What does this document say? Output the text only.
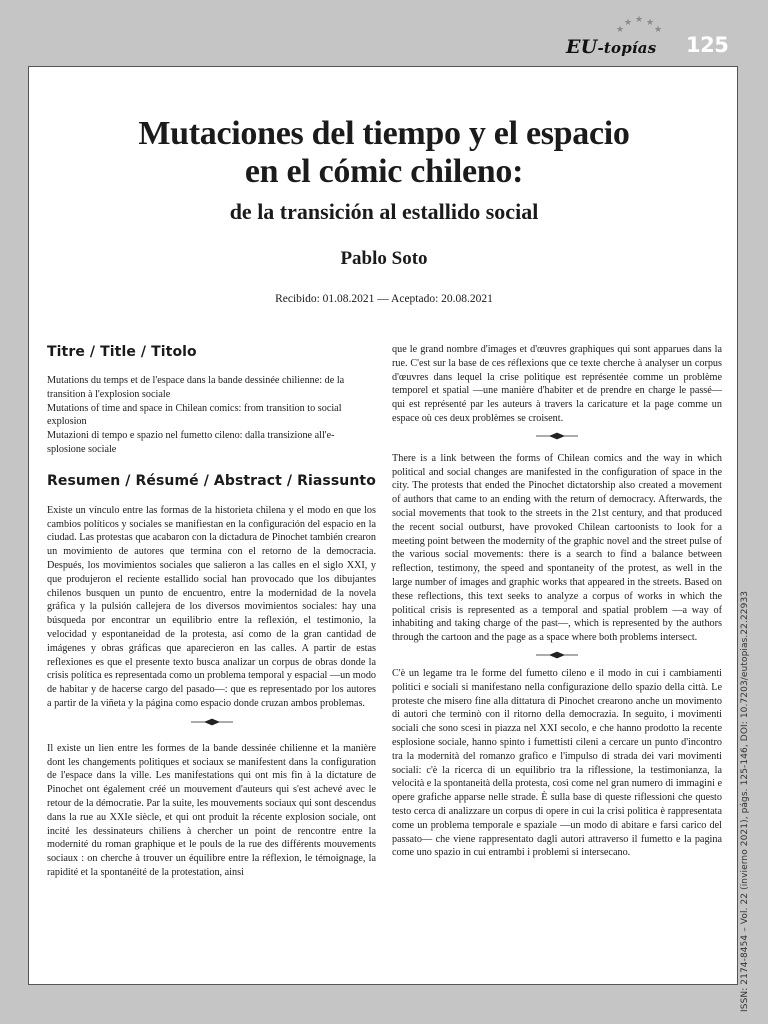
★
★ ★ ★
★
EU-topías 125
Mutaciones del tiempo y el espacio
en el cómic chileno:
de la transición al estallido social
Pablo Soto
Recibido: 01.08.2021 — Aceptado: 20.08.2021
Titre / Title / Titolo

Mutations du temps et de l'espace dans la bande dessinée chilienne: de la

transition à l'explosion sociale

Mutations of time and space in Chilean comics: from transition to social

explosion

Mutazioni di tempo e spazio nel fumetto cileno: dalla transizione all'e-

splosione sociale

Resumen / Résumé / Abstract / Riassunto

Existe un vínculo entre las formas de la historieta chilena y el modo en que los cambios políticos y sociales se manifiestan en la configuración del espacio en la ciudad. Las protestas que acabaron con la dictadura de Pinochet también crearon un movimiento de autores que termina con el retorno de la democracia. Después, los movimientos sociales que salieron a las calles en el siglo XXI, y que produjeron el reciente estallido social han provocado que los dibujantes chilenos busquen un punto de encuentro, entre la modernidad de la novela gráfica y la pulsión callejera de los diversos movimientos sociales: hay una búsqueda por encontrar un equilibrio entre la reflexión, el testimonio, la velocidad y espontaneidad de la protesta, así como de la gran cantidad de imágenes y obras gráficas que aparecieron en las calles. A partir de estas reflexiones es que el presente texto busca analizar un corpus de obras donde la crisis política es representada como un problema temporal y espacial —un modo de habitar y de hacerse cargo del pasado—: que es representado por los autores a partir de la viñeta y la página como espacio donde cruzan ambos problemas.

Il existe un lien entre les formes de la bande dessinée chilienne et la manière dont les changements politiques et sociaux se manifestent dans la configuration de l'espace dans la ville. Les manifestations qui ont mis fin à la dictature de Pinochet ont également créé un mouvement d'auteurs qui s'est achevé avec le retour de la démocratie. Par la suite, les mouvements sociaux qui sont descendus dans la rue au XXIe siècle, et qui ont produit la récente explosion sociale, ont incité les dessinateurs chiliens à chercher un point de rencontre entre la modernité du roman graphique et le pouls de la rue des différents mouvements sociaux : on cherche à trouver un équilibre entre la réflexion, le témoignage, la rapidité et la spontanéité de la protestation, ainsi

que le grand nombre d'images et d'œuvres graphiques qui sont apparues dans la rue. C'est sur la base de ces réflexions que ce texte cherche à analyser un corpus d'œuvres dans lequel la crise politique est représentée comme un problème temporel et spatial —une manière d'habiter et de prendre en charge le passé— qui est représenté par les auteurs à travers la caricature et la page comme un espace où ces deux problèmes se croisent.

There is a link between the forms of Chilean comics and the way in which political and social changes are manifested in the configuration of space in the city. The protests that ended the Pinochet dictatorship also created a movement of authors that came to an ending with the return of democracy. Afterwards, the social movements that took to the streets in the 21st century, and that produced the recent social outburst, have provoked Chilean cartoonists to look for a meeting point between the modernity of the graphic novel and the street pulse of the various social movements: there is a search to find a balance between reflection, testimony, the speed and spontaneity of the protest, as well in the large number of images and graphic works that appeared in the streets. Based on these reflections, this text seeks to analyze a corpus of works in which the political crisis is represented as a temporal and spatial problem —a way of inhabiting and taking charge of the past—, which is represented by the authors through the cartoon and the page as a space where both problems intersect.

C'è un legame tra le forme del fumetto cileno e il modo in cui i cambiamenti politici e sociali si manifestano nella configurazione dello spazio della città. Le proteste che misero fine alla dittatura di Pinochet crearono anche un movimento di autori che terminò con il ritorno della democrazia. In seguito, i movimenti sociali che sono scesi in piazza nel XXI secolo, e che hanno prodotto la recente esplosione sociale, hanno spinto i fumettisti cileni a cercare un punto d'incontro tra la modernità del romanzo grafico e l'impulso di strada dei vari movimenti sociali: c'è la ricerca di un equilibrio tra la riflessione, la testimonianza, la velocità e la spontaneità della protesta, così come nel gran numero di immagini e opere grafiche apparse nelle strade. È sulla base di queste riflessioni che questo testo cerca di analizzare un corpus di opere in cui la crisi politica è rappresentata come un problema temporale e spaziale —un modo di abitare e farsi carico del passato— che viene rappresentato dagli autori attraverso il fumetto e la pagina come uno spazio in cui entrambi i problemi si intersecano.	ISSN: 2174-8454 – Vol. 22 (invierno 2021), págs. 125-146, DOI: 10.7203/eutopias.22.22933
